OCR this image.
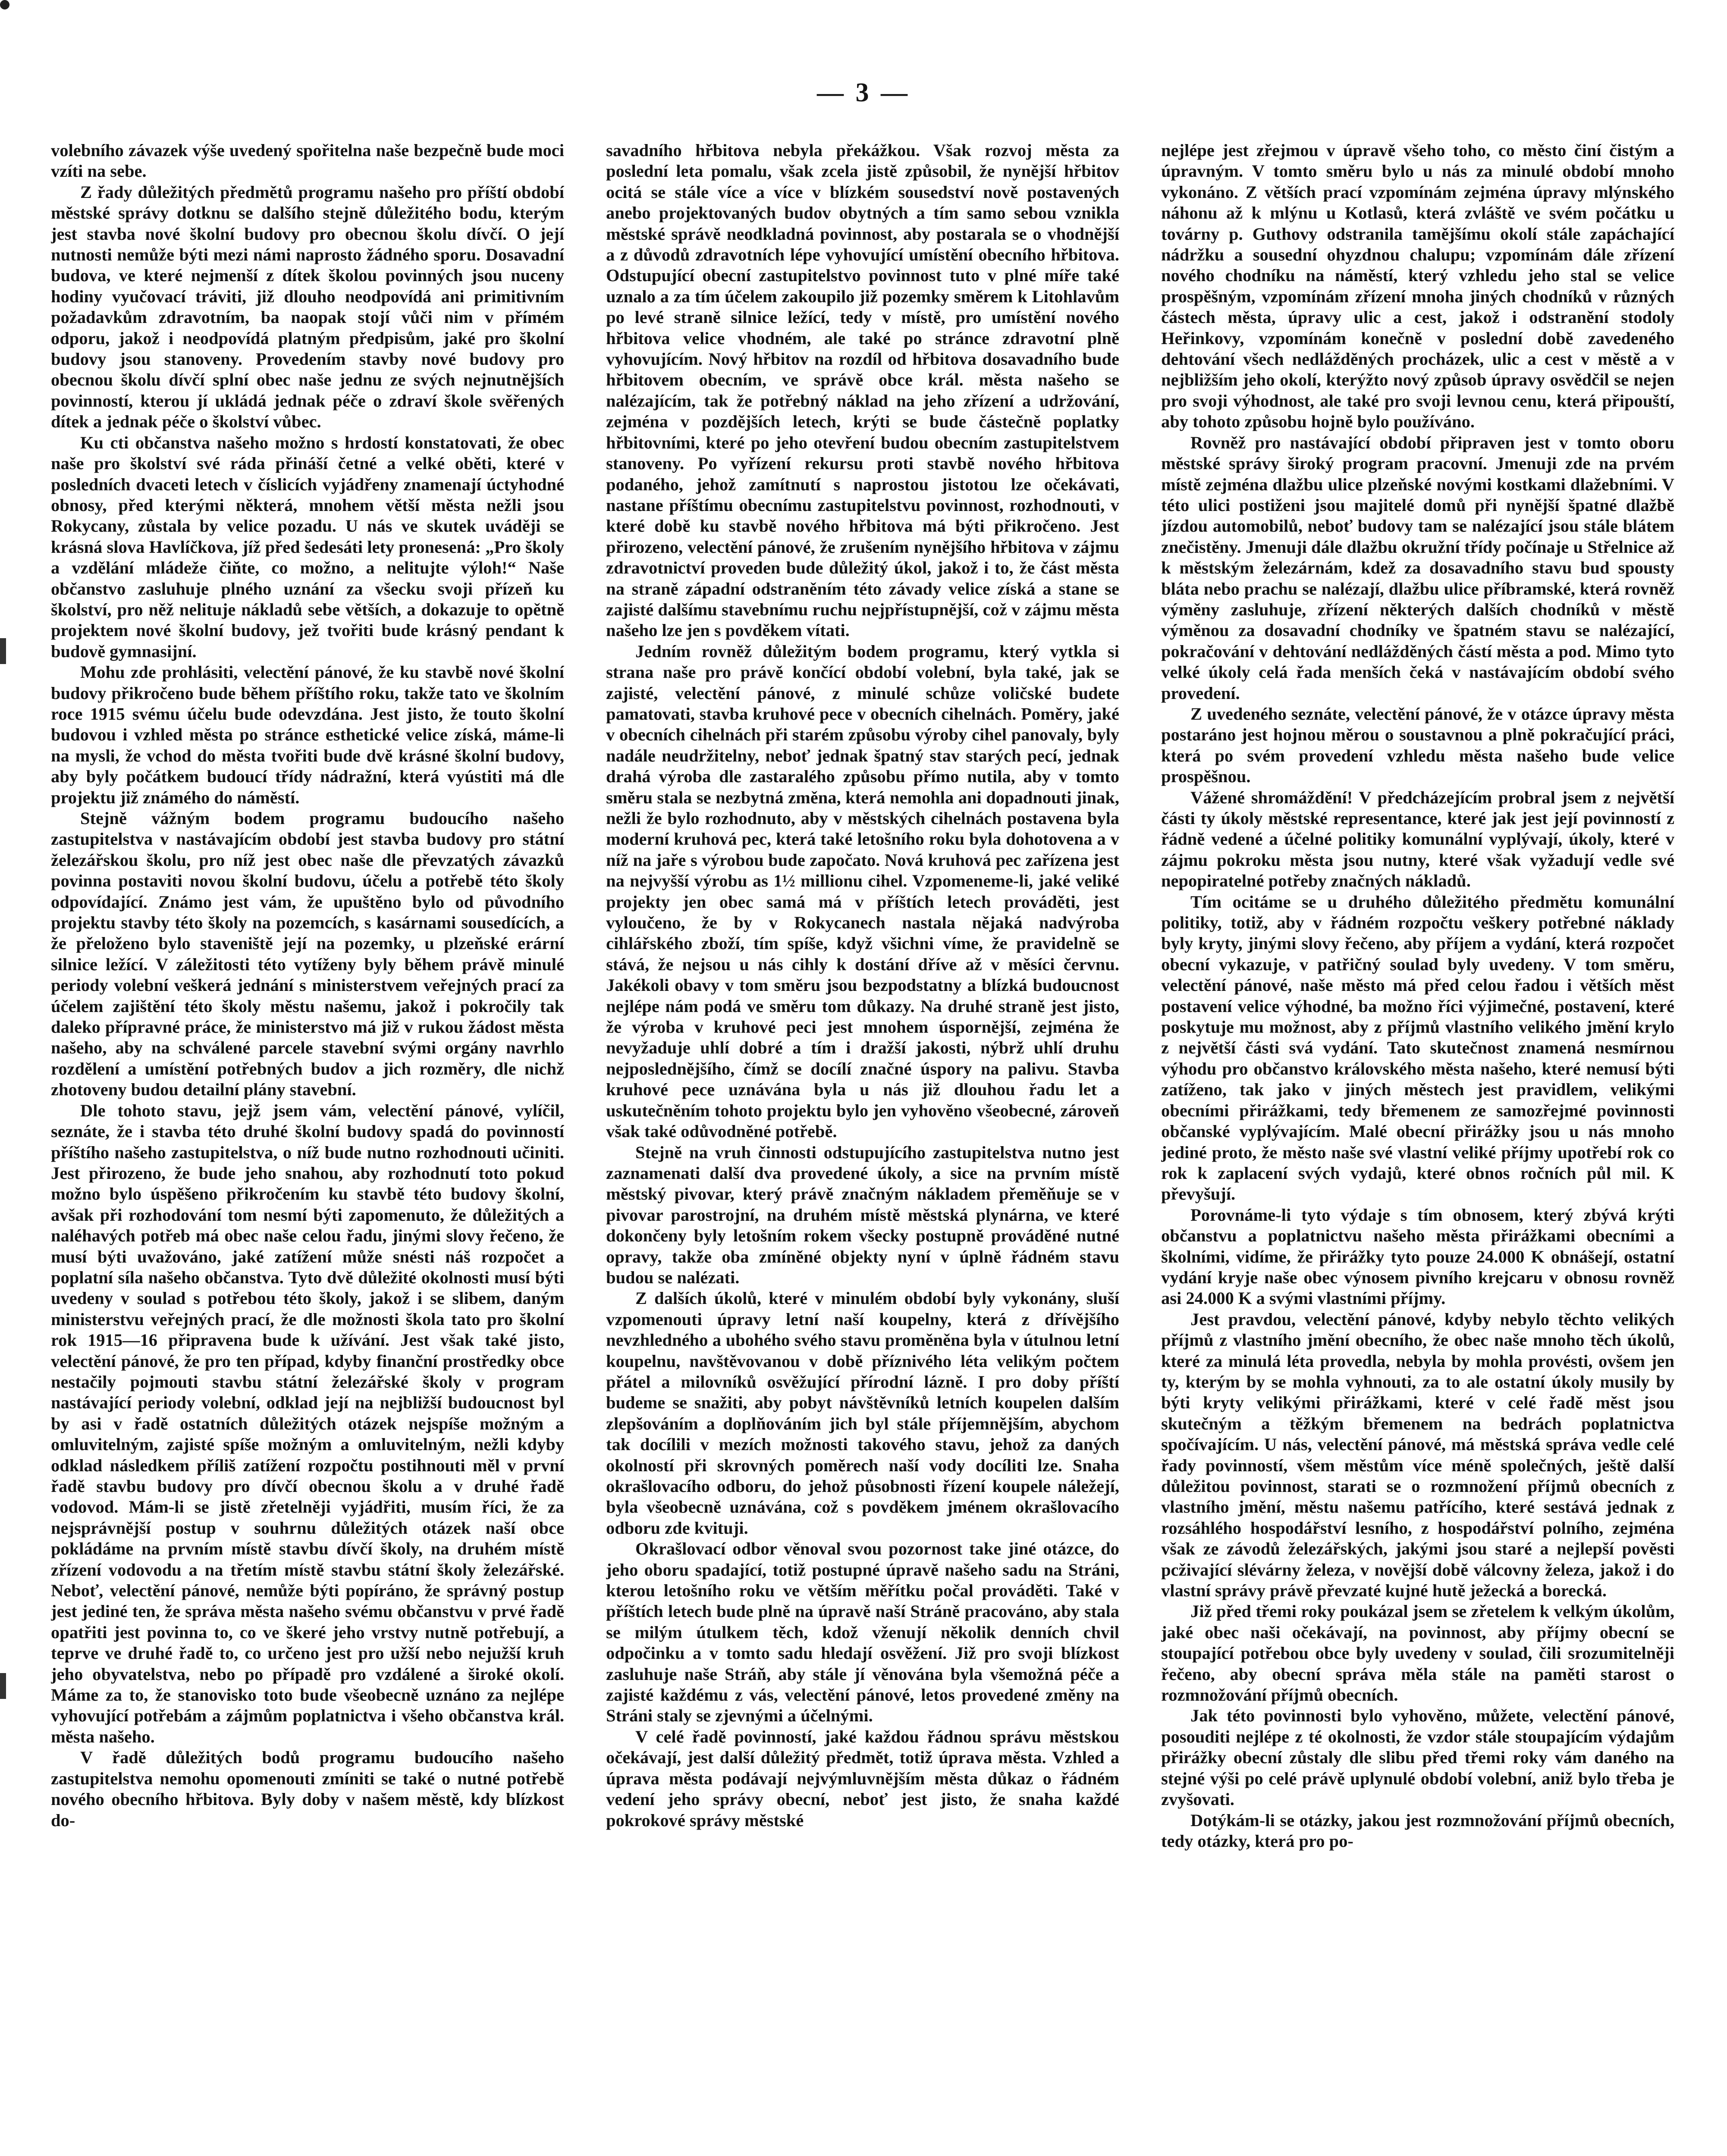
— 3 —

volebního závazek výše uvedený spořitelna naše bezpečně bude moci vzíti na sebe.

Z řady důležitých předmětů programu našeho pro příští období městské správy dotknu se dalšího stejně důležitého bodu, kterým jest stavba nové školní budovy pro obecnou školu dívčí. O její nutnosti nemůže býti mezi námi naprosto žádného sporu. Dosavadní budova, ve které nejmenší z dítek školou povinných jsou nuceny hodiny vyučovací tráviti, již dlouho neodpovídá ani primitivním požadavkům zdravotním, ba naopak stojí vůči nim v přímém odporu, jakož i neodpovídá platným předpisům, jaké pro školní budovy jsou stanoveny. Provedením stavby nové budovy pro obecnou školu dívčí splní obec naše jednu ze svých nejnutnějších povinností, kterou jí ukládá jednak péče o zdraví škole svěřených dítek a jednak péče o školství vůbec.

Ku cti občanstva našeho možno s hrdostí konstatovati, že obec naše pro školství své ráda přináší četné a velké oběti, které v posledních dvaceti letech v číslicích vyjádřeny znamenají úctyhodné obnosy, před kterými některá, mnohem větší města nežli jsou Rokycany, zůstala by velice pozadu. U nás ve skutek uváději se krásná slova Havlíčkova, jíž před šedesáti lety pronesená: „Pro školy a vzdělání mládeže čiňte, co možno, a nelitujte výloh!“ Naše občanstvo zasluhuje plného uznání za všecku svoji přízeň ku školství, pro něž nelituje nákladů sebe větších, a dokazuje to opětně projektem nové školní budovy, jež tvořiti bude krásný pendant k budově gymnasijní.

Mohu zde prohlásiti, velectění pánové, že ku stavbě nové školní budovy přikročeno bude během příštího roku, takže tato ve školním roce 1915 svému účelu bude odevzdána. Jest jisto, že touto školní budovou i vzhled města po stránce esthetické velice získá, máme-li na mysli, že vchod do města tvořiti bude dvě krásné školní budovy, aby byly počátkem budoucí třídy nádražní, která vyústiti má dle projektu již známého do náměstí.

Stejně vážným bodem programu budoucího našeho zastupitelstva v nastávajícím období jest stavba budovy pro státní železářskou školu, pro níž jest obec naše dle převzatých závazků povinna postaviti novou školní budovu, účelu a potřebě této školy odpovídající. Známo jest vám, že upuštěno bylo od původního projektu stavby této školy na pozemcích, s kasárnami sousedících, a že přeloženo bylo staveniště její na pozemky, u plzeňské erární silnice ležící. V záležitosti této vytíženy byly během právě minulé periody volební veškerá jednání s ministerstvem veřejných prací za účelem zajištění této školy městu našemu, jakož i pokročily tak daleko přípravné práce, že ministerstvo má již v rukou žádost města našeho, aby na schválené parcele stavební svými orgány navrhlo rozdělení a umístění potřebných budov a jich rozměry, dle nichž zhotoveny budou detailní plány stavební.

Dle tohoto stavu, jejž jsem vám, velectění pánové, vylíčil, seznáte, že i stavba této druhé školní budovy spadá do povinností příštího našeho zastupitelstva, o níž bude nutno rozhodnouti učiniti. Jest přirozeno, že bude jeho snahou, aby rozhodnutí toto pokud možno bylo úspěšeno přikročením ku stavbě této budovy školní, avšak při rozhodování tom nesmí býti zapomenuto, že důležitých a naléhavých potřeb má obec naše celou řadu, jinými slovy řečeno, že musí býti uvažováno, jaké zatížení může snésti náš rozpočet a poplatní síla našeho občanstva. Tyto dvě důležité okolnosti musí býti uvedeny v soulad s potřebou této školy, jakož i se slibem, daným ministerstvu veřejných prací, že dle možnosti škola tato pro školní rok 1915—16 připravena bude k užívání. Jest však také jisto, velectění pánové, že pro ten případ, kdyby finanční prostředky obce nestačily pojmouti stavbu státní železářské školy v program nastávající periody volební, odklad její na nejbližší budoucnost byl by asi v řadě ostatních důležitých otázek nejspíše možným a omluvitelným, zajisté spíše možným a omluvitelným, nežli kdyby odklad následkem příliš zatížení rozpočtu postihnouti měl v první řadě stavbu budovy pro dívčí obecnou školu a v druhé řadě vodovod. Mám-li se jistě zřetelněji vyjádřiti, musím říci, že za nejsprávnější postup v souhrnu důležitých otázek naší obce pokládáme na prvním místě stavbu dívčí školy, na druhém místě zřízení vodovodu a na třetím místě stavbu státní školy železářské. Neboť, velectění pánové, nemůže býti popíráno, že správný postup jest jediné ten, že správa města našeho svému občanstvu v prvé řadě opatřiti jest povinna to, co ve škeré jeho vrstvy nutně potřebují, a teprve ve druhé řadě to, co určeno jest pro užší nebo nejužší kruh jeho obyvatelstva, nebo po případě pro vzdálené a široké okolí. Máme za to, že stanovisko toto bude všeobecně uznáno za nejlépe vyhovující potřebám a zájmům poplatnictva i všeho občanstva král. města našeho.

V řadě důležitých bodů programu budoucího našeho zastupitelstva nemohu opomenouti zmíniti se také o nutné potřebě nového obecního hřbitova. Byly doby v našem městě, kdy blízkost do-

savadního hřbitova nebyla překážkou. Však rozvoj města za poslední leta pomalu, však zcela jistě způsobil, že nynější hřbitov ocitá se stále více a více v blízkém sousedství nově postavených anebo projektovaných budov obytných a tím samo sebou vznikla městské správě neodkladná povinnost, aby postarala se o vhodnější a z důvodů zdravotních lépe vyhovující umístění obecního hřbitova. Odstupující obecní zastupitelstvo povinnost tuto v plné míře také uznalo a za tím účelem zakoupilo již pozemky směrem k Litohlavům po levé straně silnice ležící, tedy v místě, pro umístění nového hřbitova velice vhodném, ale také po stránce zdravotní plně vyhovujícím. Nový hřbitov na rozdíl od hřbitova dosavadního bude hřbitovem obecním, ve správě obce král. města našeho se nalézajícím, tak že potřebný náklad na jeho zřízení a udržování, zejména v pozdějších letech, krýti se bude částečně poplatky hřbitovními, které po jeho otevření budou obecním zastupitelstvem stanoveny. Po vyřízení rekursu proti stavbě nového hřbitova podaného, jehož zamítnutí s naprostou jistotou lze očekávati, nastane příštímu obecnímu zastupitelstvu povinnost, rozhodnouti, v které době ku stavbě nového hřbitova má býti přikročeno. Jest přirozeno, velectění pánové, že zrušením nynějšího hřbitova v zájmu zdravotnictví proveden bude důležitý úkol, jakož i to, že část města na straně západní odstraněním této závady velice získá a stane se zajisté dalšímu stavebnímu ruchu nejpřístupnější, což v zájmu města našeho lze jen s povděkem vítati.

Jedním rovněž důležitým bodem programu, který vytkla si strana naše pro právě končící období volební, byla také, jak se zajisté, velectění pánové, z minulé schůze voličské budete pamatovati, stavba kruhové pece v obecních cihelnách. Poměry, jaké v obecních cihelnách při starém způsobu výroby cihel panovaly, byly nadále neudržitelny, neboť jednak špatný stav starých pecí, jednak drahá výroba dle zastaralého způsobu přímo nutila, aby v tomto směru stala se nezbytná změna, která nemohla ani dopadnouti jinak, nežli že bylo rozhodnuto, aby v městských cihelnách postavena byla moderní kruhová pec, která také letošního roku byla dohotovena a v níž na jaře s výrobou bude započato. Nová kruhová pec zařízena jest na nejvyšší výrobu as 1½ millionu cihel. Vzpomeneme-li, jaké veliké projekty jen obec samá má v příštích letech prováděti, jest vyloučeno, že by v Rokycanech nastala nějaká nadvýroba cihlářského zboží, tím spíše, když všichni víme, že pravidelně se stává, že nejsou u nás cihly k dostání dříve až v měsíci červnu. Jakékoli obavy v tom směru jsou bezpodstatny a blízká budoucnost nejlépe nám podá ve směru tom důkazy. Na druhé straně jest jisto, že výroba v kruhové peci jest mnohem úspornější, zejména že nevyžaduje uhlí dobré a tím i dražší jakosti, nýbrž uhlí druhu nejposlednějšího, čímž se docílí značné úspory na palivu. Stavba kruhové pece uznávána byla u nás již dlouhou řadu let a uskutečněním tohoto projektu bylo jen vyhověno všeobecné, zároveň však také odůvodněné potřebě.

Stejně na vruh činnosti odstupujícího zastupitelstva nutno jest zaznamenati další dva provedené úkoly, a sice na prvním místě městský pivovar, který právě značným nákladem přeměňuje se v pivovar parostrojní, na druhém místě městská plynárna, ve které dokončeny byly letošním rokem všecky postupně prováděné nutné opravy, takže oba zmíněné objekty nyní v úplně řádném stavu budou se nalézati.

Z dalších úkolů, které v minulém období byly vykonány, sluší vzpomenouti úpravy letní naší koupelny, která z dřívějšího nevzhledného a ubohého svého stavu proměněna byla v útulnou letní koupelnu, navštěvovanou v době příznivého léta velikým počtem přátel a milovníků osvěžující přírodní lázně. I pro doby příští budeme se snažiti, aby pobyt návštěvníků letních koupelen dalším zlepšováním a doplňováním jich byl stále příjemnějším, abychom tak docílili v mezích možnosti takového stavu, jehož za daných okolností při skrovných poměrech naší vody docíliti lze. Snaha okrašlovacího odboru, do jehož působnosti řízení koupele náležejí, byla všeobecně uznávána, což s povděkem jménem okrašlovacího odboru zde kvituji.

Okrašlovací odbor věnoval svou pozornost take jiné otázce, do jeho oboru spadající, totiž postupné úpravě našeho sadu na Stráni, kterou letošního roku ve větším měřítku počal prováděti. Také v příštích letech bude plně na úpravě naší Stráně pracováno, aby stala se milým útulkem těch, kdož vženují několik denních chvil odpočinku a v tomto sadu hledají osvěžení. Již pro svoji blízkost zasluhuje naše Stráň, aby stále jí věnována byla všemožná péče a zajisté každému z vás, velectění pánové, letos provedené změny na Stráni staly se zjevnými a účelnými.

V celé řadě povinností, jaké každou řádnou správu městskou očekávají, jest další důležitý předmět, totiž úprava města. Vzhled a úprava města podávají nejvýmluvnějším města důkaz o řádném vedení jeho správy obecní, neboť jest jisto, že snaha každé pokrokové správy městské

nejlépe jest zřejmou v úpravě všeho toho, co město činí čistým a úpravným. V tomto směru bylo u nás za minulé období mnoho vykonáno. Z větších prací vzpomínám zejména úpravy mlýnského náhonu až k mlýnu u Kotlasů, která zvláště ve svém počátku u továrny p. Guthovy odstranila tamějšímu okolí stále zapáchající nádržku a sousední ohyzdnou chalupu; vzpomínám dále zřízení nového chodníku na náměstí, který vzhledu jeho stal se velice prospěšným, vzpomínám zřízení mnoha jiných chodníků v různých částech města, úpravy ulic a cest, jakož i odstranění stodoly Heřinkovy, vzpomínám konečně v poslední době zavedeného dehtování všech nedlážděných procházek, ulic a cest v městě a v nejbližším jeho okolí, kterýžto nový způsob úpravy osvědčil se nejen pro svoji výhodnost, ale také pro svoji levnou cenu, která připouští, aby tohoto způsobu hojně bylo používáno.

Rovněž pro nastávající období připraven jest v tomto oboru městské správy široký program pracovní. Jmenuji zde na prvém místě zejména dlažbu ulice plzeňské novými kostkami dlažebními. V této ulici postiženi jsou majitelé domů při nynější špatné dlažbě jízdou automobilů, neboť budovy tam se nalézající jsou stále blátem znečistěny. Jmenuji dále dlažbu okružní třídy počínaje u Střelnice až k městským železárnám, kdež za dosavadního stavu bud spousty bláta nebo prachu se nalézají, dlažbu ulice příbramské, která rovněž výměny zasluhuje, zřízení některých dalších chodníků v městě výměnou za dosavadní chodníky ve špatném stavu se nalézající, pokračování v dehtování nedlážděných částí města a pod. Mimo tyto velké úkoly celá řada menších čeká v nastávajícím období svého provedení.

Z uvedeného seznáte, velectění pánové, že v otázce úpravy města postaráno jest hojnou měrou o soustavnou a plně pokračující práci, která po svém provedení vzhledu města našeho bude velice prospěšnou.

Vážené shromáždění! V předcházejícím probral jsem z největší části ty úkoly městské representance, které jak jest její povinností z řádně vedené a účelné politiky komunální vyplývají, úkoly, které v zájmu pokroku města jsou nutny, které však vyžadují vedle své nepopiratelné potřeby značných nákladů.

Tím ocitáme se u druhého důležitého předmětu komunální politiky, totiž, aby v řádném rozpočtu veškery potřebné náklady byly kryty, jinými slovy řečeno, aby příjem a vydání, která rozpočet obecní vykazuje, v patřičný soulad byly uvedeny. V tom směru, velectění pánové, naše město má před celou řadou i větších měst postavení velice výhodné, ba možno říci výjimečné, postavení, které poskytuje mu možnost, aby z příjmů vlastního velikého jmění krylo z největší části svá vydání. Tato skutečnost znamená nesmírnou výhodu pro občanstvo královského města našeho, které nemusí býti zatíženo, tak jako v jiných městech jest pravidlem, velikými obecními přirážkami, tedy břemenem ze samozřejmé povinnosti občanské vyplývajícím. Malé obecní přirážky jsou u nás mnoho jediné proto, že město naše své vlastní veliké příjmy upotřebí rok co rok k zaplacení svých vydajů, které obnos ročních půl mil. K převyšují.

Porovnáme-li tyto výdaje s tím obnosem, který zbývá krýti občanstvu a poplatnictvu našeho města přirážkami obecními a školními, vidíme, že přirážky tyto pouze 24.000 K obnášejí, ostatní vydání kryje naše obec výnosem pivního krejcaru v obnosu rovněž asi 24.000 K a svými vlastními příjmy.

Jest pravdou, velectění pánové, kdyby nebylo těchto velikých příjmů z vlastního jmění obecního, že obec naše mnoho těch úkolů, které za minulá léta provedla, nebyla by mohla provésti, ovšem jen ty, kterým by se mohla vyhnouti, za to ale ostatní úkoly musily by býti kryty velikými přirážkami, které v celé řadě měst jsou skutečným a těžkým břemenem na bedrách poplatnictva spočívajícím. U nás, velectění pánové, má městská správa vedle celé řady povinností, všem městům více méně společných, ještě další důležitou povinnost, starati se o rozmnožení příjmů obecních z vlastního jmění, městu našemu patřícího, které sestává jednak z rozsáhlého hospodářství lesního, z hospodářství polního, zejména však ze závodů železářských, jakými jsou staré a nejlepší pověsti pcživající slévárny železa, v novější době válcovny železa, jakož i do vlastní správy právě převzaté kujné hutě ježecká a borecká.

Již před třemi roky poukázal jsem se zřetelem k velkým úkolům, jaké obec naši očekávají, na povinnost, aby příjmy obecní se stoupající potřebou obce byly uvedeny v soulad, čili srozumitelněji řečeno, aby obecní správa měla stále na paměti starost o rozmnožování příjmů obecních.

Jak této povinnosti bylo vyhověno, můžete, velectění pánové, posouditi nejlépe z té okolnosti, že vzdor stále stoupajícím výdajům přirážky obecní zůstaly dle slibu před třemi roky vám daného na stejné výši po celé právě uplynulé období volební, aniž bylo třeba je zvyšovati.

Dotýkám-li se otázky, jakou jest rozmnožování příjmů obecních, tedy otázky, která pro po-
